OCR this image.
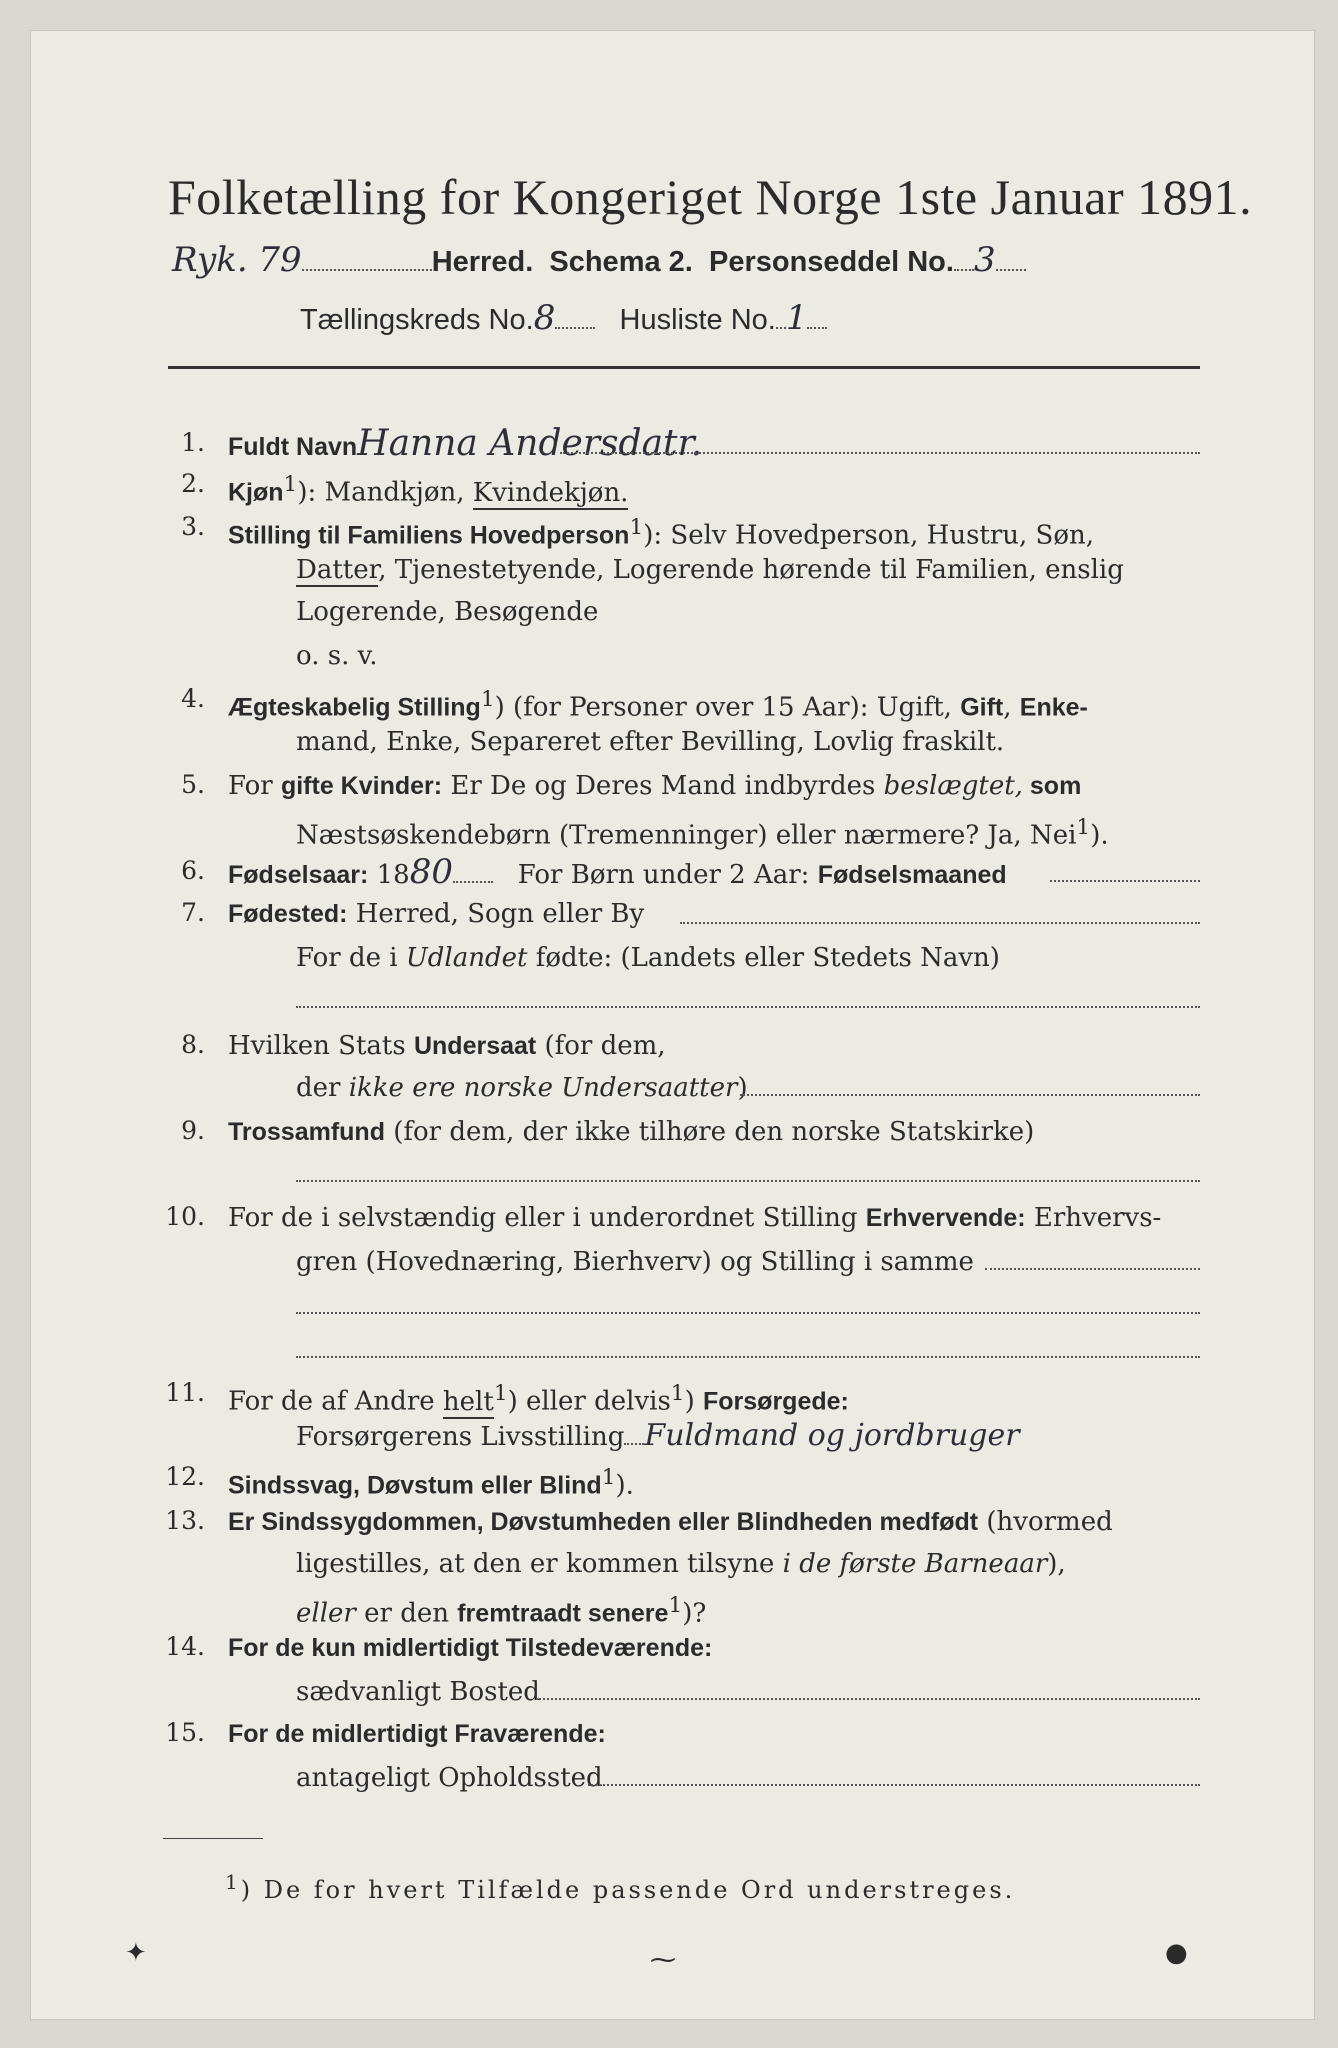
Folketælling for Kongeriget Norge 1ste Januar 1891.
Ryk. 79	Herred. Schema 2. Personseddel No. 3
Tællingskreds No.8 Husliste No. 1
1. Fuldt NavnHanna Andersdatr.
2. Kjøn$^1$): Mandkjøn, Kvindekjøn.
3. Stilling til Familiens Hovedperson$^1$): Selv Hovedperson, Hustru, Søn,
Datter, Tjenestetyende, Logerende hørende til Familien, enslig
Logerende, Besøgende
o. s. v.
4. Ægteskabelig Stilling$^1$) (for Personer over 15 Aar): Ugift, Gift, Enke-
mand, Enke, Separeret efter Bevilling, Lovlig fraskilt.
5. For gifte Kvinder: Er De og Deres Mand indbyrdes beslægtet, som
Næstsøskendebørn (Tremenninger) eller nærmere? Ja, Nei$^1$).
6. Fødselsaar: 1880 For Børn under 2 Aar: Fødselsmaaned
7. Fødested: Herred, Sogn eller By
For de i Udlandet fødte: (Landets eller Stedets Navn)
8. Hvilken Stats Undersaat (for dem,
der ikke ere norske Undersaatter)
9. Trossamfund (for dem, der ikke tilhøre den norske Statskirke)
10. For de i selvstændig eller i underordnet Stilling Erhvervende: Erhvervs-
gren (Hovednæring, Bierhverv) og Stilling i samme
11. For de af Andre helt$^1$) eller delvis$^1$) Forsørgede:
Forsørgerens Livsstilling Fuldmand og jordbruger
12. Sindssvag, Døvstum eller Blind$^1$).
13. Er Sindssygdommen, Døvstumheden eller Blindheden medfødt (hvormed
ligestilles, at den er kommen tilsyne i de første Barneaar),
eller er den fremtraadt senere$^1$)?
14. For de kun midlertidigt Tilstedeværende:
sædvanligt Bosted
15. For de midlertidigt Fraværende:
antageligt Opholdssted
$^1$) De for hvert Tilfælde passende Ord understreges.
✦	⁓	●
